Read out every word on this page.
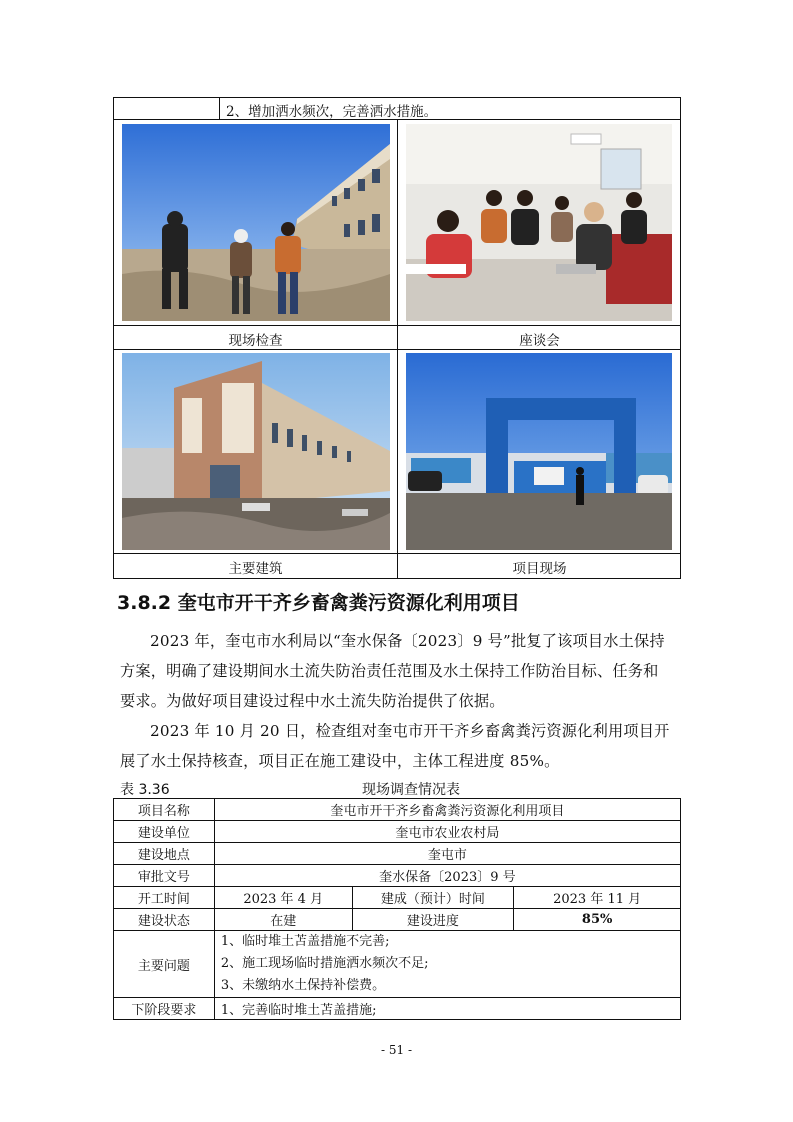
2、增加洒水频次，完善洒水措施。
现场检查	座谈会
主要建筑	项目现场
3.8.2 奎屯市开干齐乡畜禽粪污资源化利用项目
2023 年，奎屯市水利局以“奎水保备〔2023〕9 号”批复了该项目水土保持
方案，明确了建设期间水土流失防治责任范围及水土保持工作防治目标、任务和
要求。为做好项目建设过程中水土流失防治提供了依据。
2023 年 10 月 20 日，检查组对奎屯市开干齐乡畜禽粪污资源化利用项目开
展了水土保持核查，项目正在施工建设中，主体工程进度 85%。
表 3.36	现场调查情况表
项目名称	奎屯市开干齐乡畜禽粪污资源化利用项目		
建设单位	奎屯市农业农村局		
建设地点	奎屯市		
审批文号	奎水保备〔2023〕9 号		
开工时间	2023 年 4 月	建成（预计）时间	2023 年 11 月
建设状态	在建	建设进度	85%
主要问题	1、临时堆土苫盖措施不完善;
2、施工现场临时措施洒水频次不足;
3、未缴纳水土保持补偿费。		

下阶段要求	1、完善临时堆土苫盖措施;		
- 51 -
